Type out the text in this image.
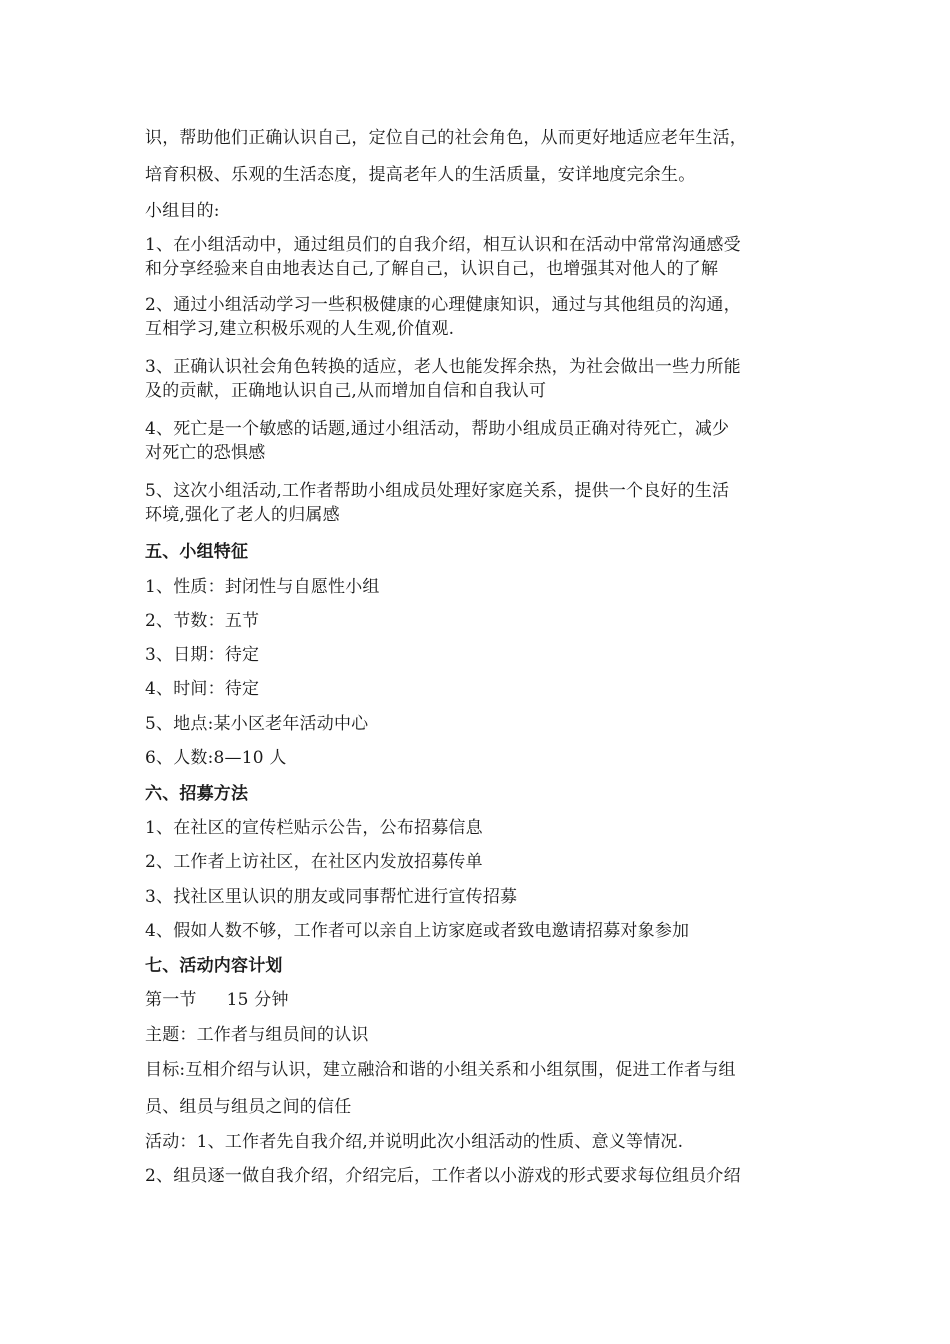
识，帮助他们正确认识自己，定位自己的社会角色，从而更好地适应老年生活，
培育积极、乐观的生活态度，提高老年人的生活质量，安详地度完余生。
小组目的:
1、在小组活动中，通过组员们的自我介绍，相互认识和在活动中常常沟通感受
和分享经验来自由地表达自己,了解自己，认识自己，也增强其对他人的了解
2、通过小组活动学习一些积极健康的心理健康知识，通过与其他组员的沟通，
互相学习,建立积极乐观的人生观,价值观.
3、正确认识社会角色转换的适应，老人也能发挥余热，为社会做出一些力所能
及的贡献，正确地认识自己,从而增加自信和自我认可
4、死亡是一个敏感的话题,通过小组活动，帮助小组成员正确对待死亡，减少
对死亡的恐惧感
5、这次小组活动,工作者帮助小组成员处理好家庭关系，提供一个良好的生活
环境,强化了老人的归属感
五、小组特征
1、性质：封闭性与自愿性小组
2、节数：五节
3、日期：待定
4、时间：待定
5、地点:某小区老年活动中心
6、人数:8—10 人
六、招募方法
1、在社区的宣传栏贴示公告，公布招募信息
2、工作者上访社区，在社区内发放招募传单
3、找社区里认识的朋友或同事帮忙进行宣传招募
4、假如人数不够，工作者可以亲自上访家庭或者致电邀请招募对象参加
七、活动内容计划
第一节 15 分钟
主题：工作者与组员间的认识
目标:互相介绍与认识，建立融洽和谐的小组关系和小组氛围，促进工作者与组
员、组员与组员之间的信任
活动：1、工作者先自我介绍,并说明此次小组活动的性质、意义等情况.
2、组员逐一做自我介绍，介绍完后，工作者以小游戏的形式要求每位组员介绍
